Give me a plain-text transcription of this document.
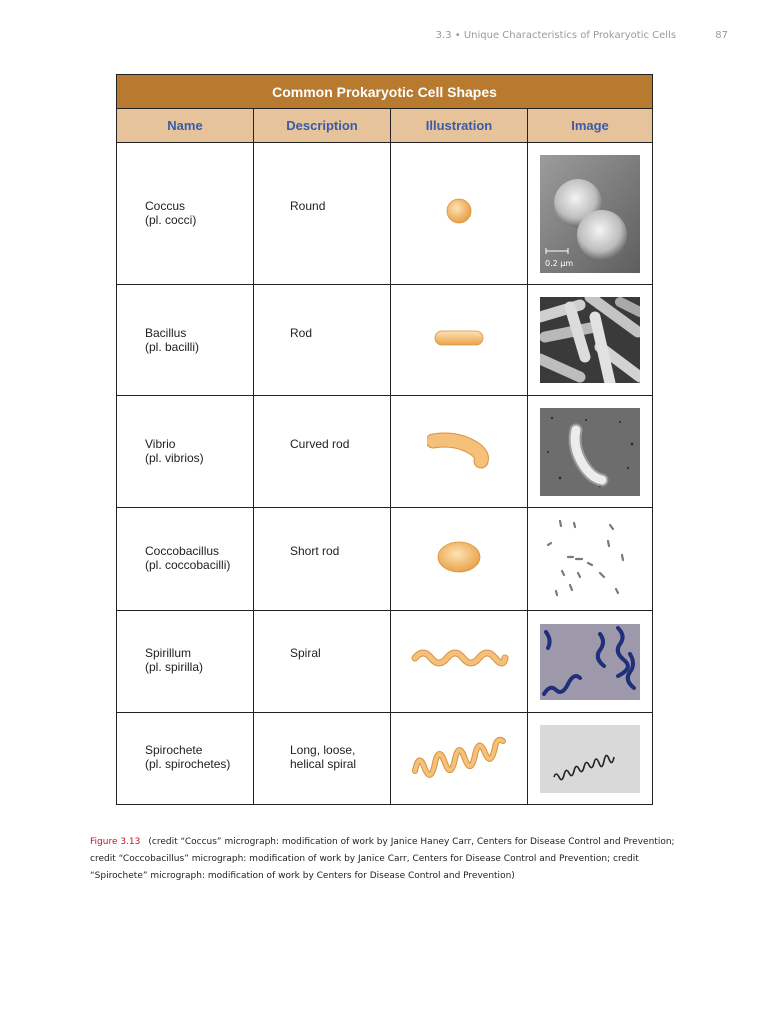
3.3 • Unique Characteristics of Prokaryotic Cells	87
Common Prokaryotic Cell Shapes			
Name	Description	Illustration	Image

Coccus
(pl. cocci)	Round		0.2 µm

Bacillus
(pl. bacilli)	Rod

Vibrio
(pl. vibrios)	Curved rod

Coccobacillus
(pl. coccobacilli)	Short rod

Spirillum
(pl. spirilla)	Spiral

Spirochete
(pl. spirochetes)	Long, loose,
helical spiral

Figure 3.13 (credit “Coccus” micrograph: modification of work by Janice Haney Carr, Centers for Disease Control and Prevention; credit “Coccobacillus” micrograph: modification of work by Janice Carr, Centers for Disease Control and Prevention; credit “Spirochete” micrograph: modification of work by Centers for Disease Control and Prevention)
